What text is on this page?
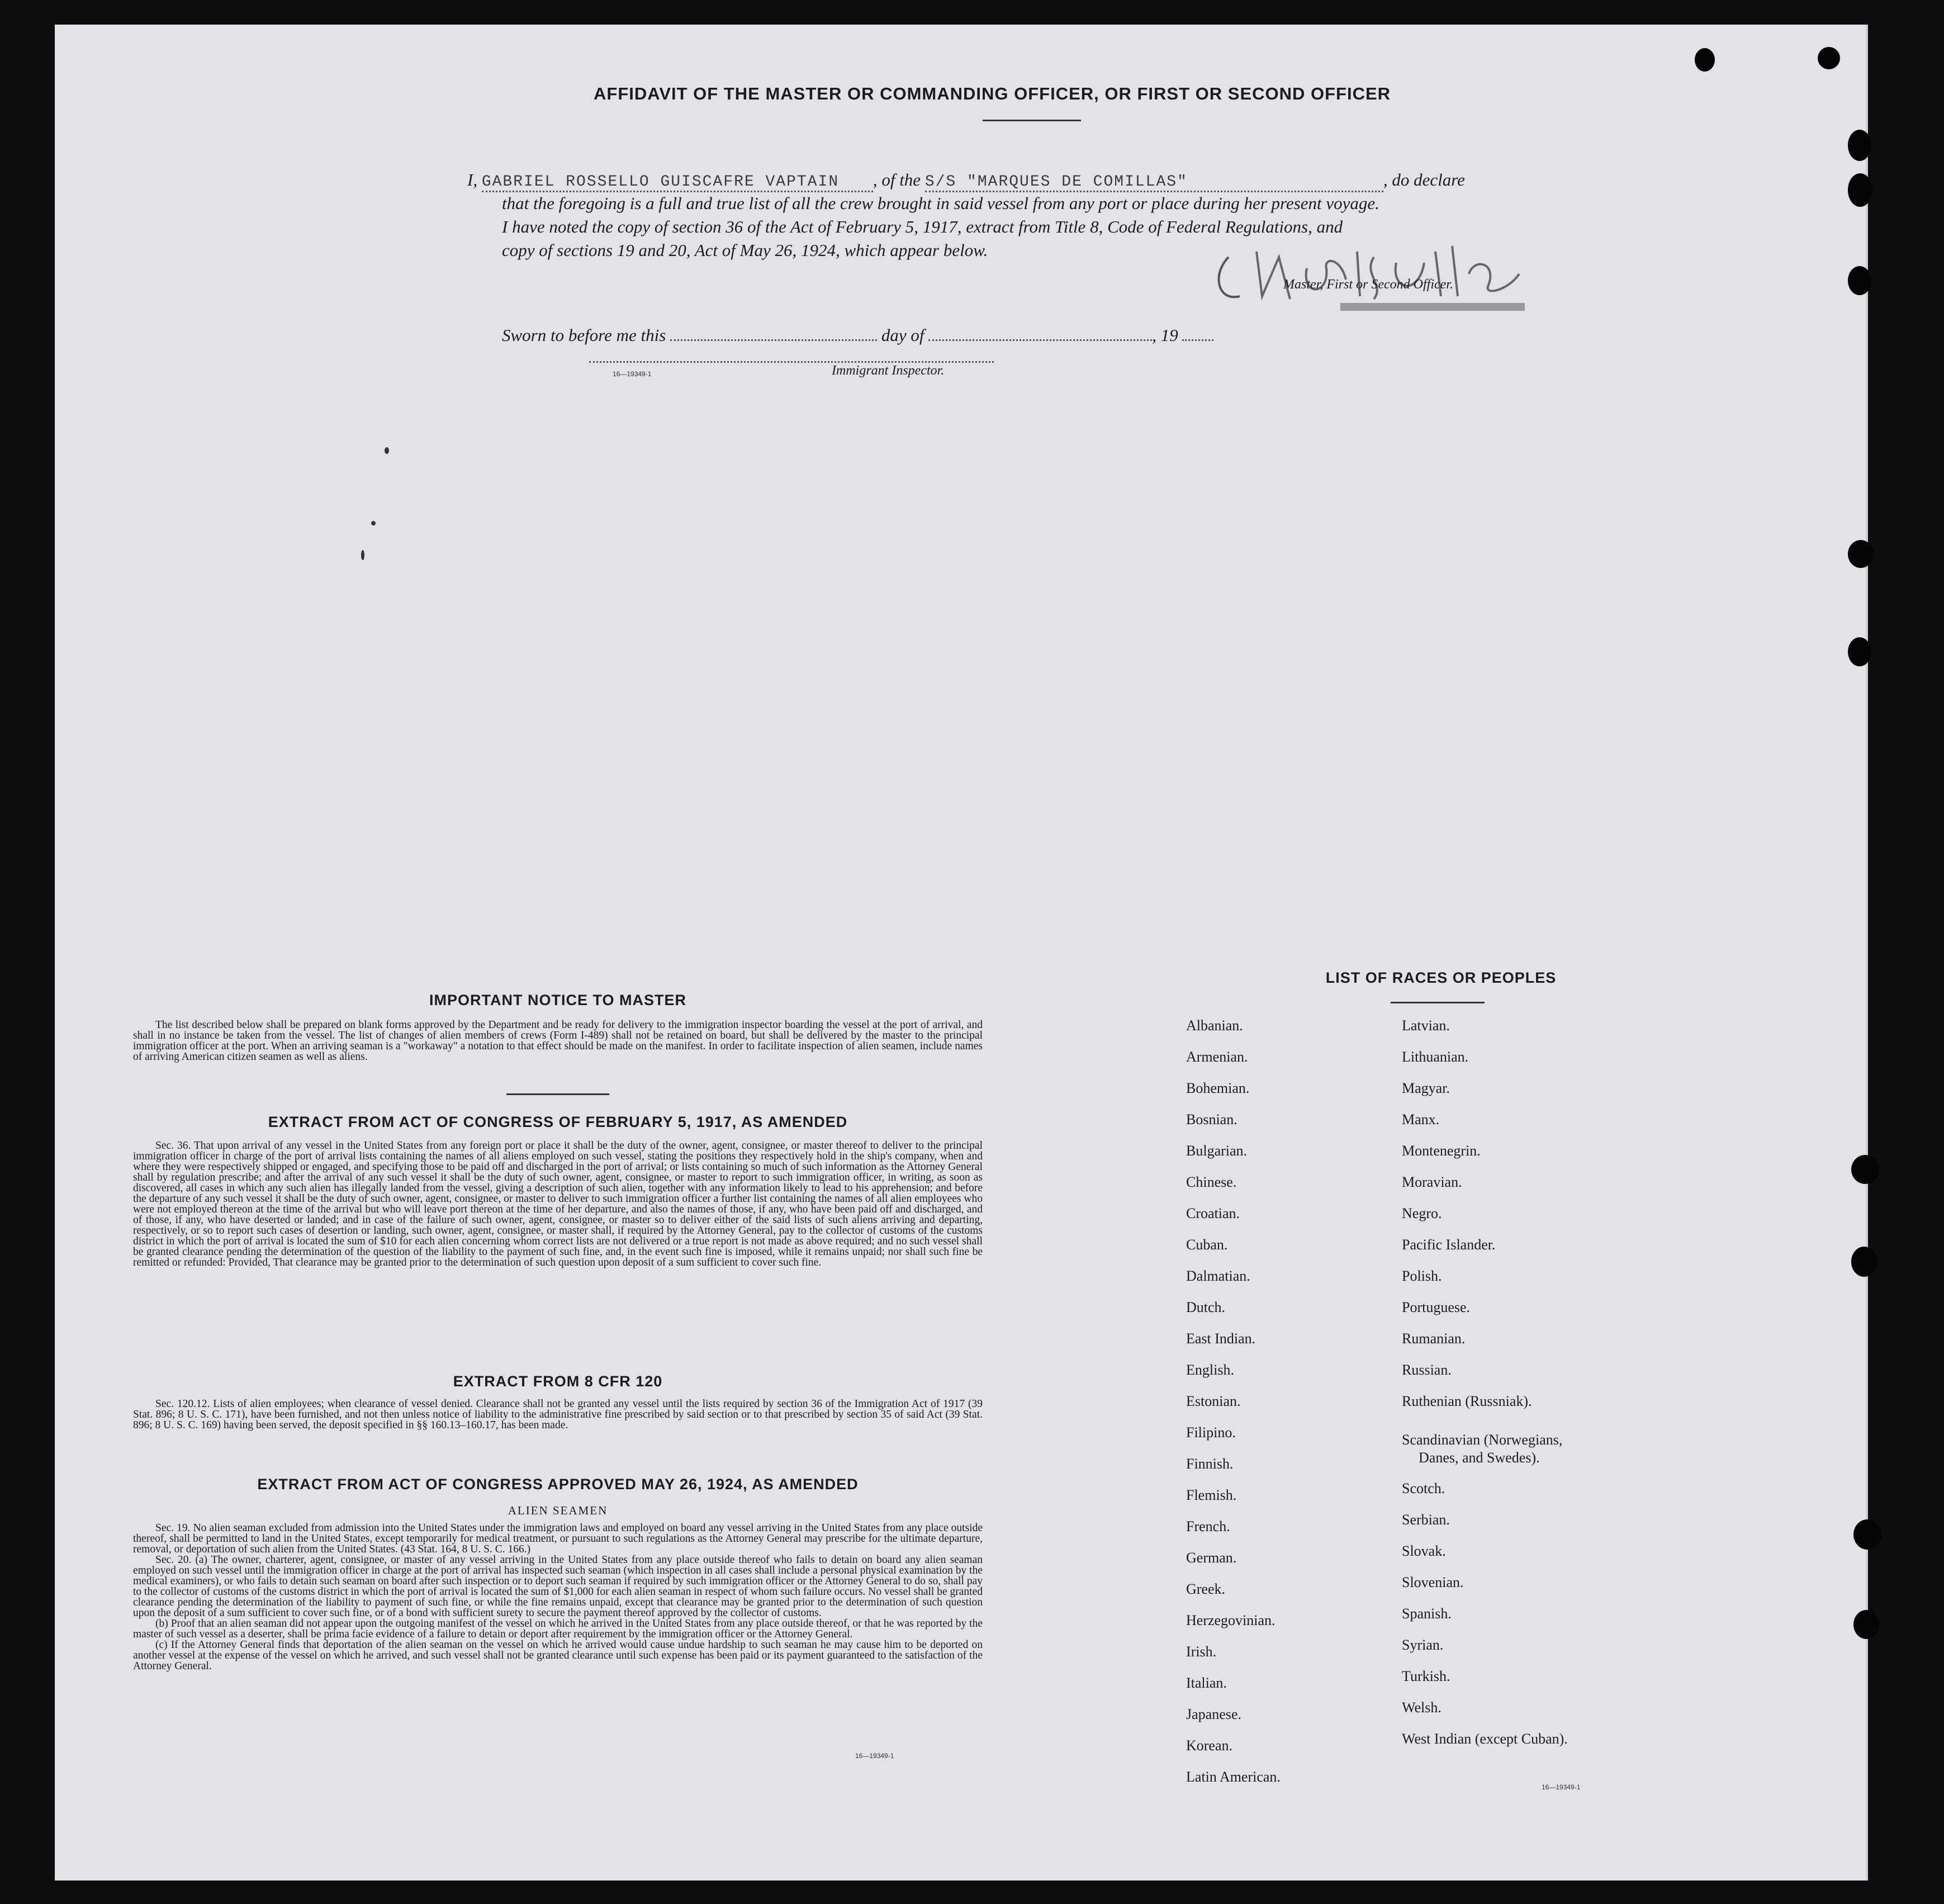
AFFIDAVIT OF THE MASTER OR COMMANDING OFFICER, OR FIRST OR SECOND OFFICER
I, GABRIEL ROSSELLO GUISCAFRE VAPTAIN , of the S/S "MARQUES DE COMILLAS"	, do declare
that the foregoing is a full and true list of all the crew brought in said vessel from any port or place during her present voyage.
I have noted the copy of section 36 of the Act of February 5, 1917, extract from Title 8, Code of Federal Regulations, and
copy of sections 19 and 20, Act of May 26, 1924, which appear below.
Master, First or Second Officer.
Sworn to before me this	day of	, 19
16—19349-1	Immigrant Inspector.
IMPORTANT NOTICE TO MASTER

The list described below shall be prepared on blank forms approved by the Department and be ready for delivery to the immigration inspector boarding the vessel at the port of arrival, and shall in no instance be taken from the vessel. The list of changes of alien members of crews (Form I-489) shall not be retained on board, but shall be delivered by the master to the principal immigration officer at the port. When an arriving seaman is a "workaway" a notation to that effect should be made on the manifest. In order to facilitate inspection of alien seamen, include names of arriving American citizen seamen as well as aliens.

EXTRACT FROM ACT OF CONGRESS OF FEBRUARY 5, 1917, AS AMENDED

Sec. 36. That upon arrival of any vessel in the United States from any foreign port or place it shall be the duty of the owner, agent, consignee, or master thereof to deliver to the principal immigration officer in charge of the port of arrival lists containing the names of all aliens employed on such vessel, stating the positions they respectively hold in the ship's company, when and where they were respectively shipped or engaged, and specifying those to be paid off and discharged in the port of arrival; or lists containing so much of such information as the Attorney General shall by regulation prescribe; and after the arrival of any such vessel it shall be the duty of such owner, agent, consignee, or master to report to such immigration officer, in writing, as soon as discovered, all cases in which any such alien has illegally landed from the vessel, giving a description of such alien, together with any information likely to lead to his apprehension; and before the departure of any such vessel it shall be the duty of such owner, agent, consignee, or master to deliver to such immigration officer a further list containing the names of all alien employees who were not employed thereon at the time of the arrival but who will leave port thereon at the time of her departure, and also the names of those, if any, who have been paid off and discharged, and of those, if any, who have deserted or landed; and in case of the failure of such owner, agent, consignee, or master so to deliver either of the said lists of such aliens arriving and departing, respectively, or so to report such cases of desertion or landing, such owner, agent, consignee, or master shall, if required by the Attorney General, pay to the collector of customs of the customs district in which the port of arrival is located the sum of $10 for each alien concerning whom correct lists are not delivered or a true report is not made as above required; and no such vessel shall be granted clearance pending the determination of the question of the liability to the payment of such fine, and, in the event such fine is imposed, while it remains unpaid; nor shall such fine be remitted or refunded: Provided, That clearance may be granted prior to the determination of such question upon deposit of a sum sufficient to cover such fine.

EXTRACT FROM 8 CFR 120

Sec. 120.12. Lists of alien employees; when clearance of vessel denied. Clearance shall not be granted any vessel until the lists required by section 36 of the Immigration Act of 1917 (39 Stat. 896; 8 U. S. C. 171), have been furnished, and not then unless notice of liability to the administrative fine prescribed by said section or to that prescribed by section 35 of said Act (39 Stat. 896; 8 U. S. C. 169) having been served, the deposit specified in §§ 160.13–160.17, has been made.

EXTRACT FROM ACT OF CONGRESS APPROVED MAY 26, 1924, AS AMENDED
ALIEN SEAMEN

Sec. 19. No alien seaman excluded from admission into the United States under the immigration laws and employed on board any vessel arriving in the United States from any place outside thereof, shall be permitted to land in the United States, except temporarily for medical treatment, or pursuant to such regulations as the Attorney General may prescribe for the ultimate departure, removal, or deportation of such alien from the United States. (43 Stat. 164, 8 U. S. C. 166.)

Sec. 20. (a) The owner, charterer, agent, consignee, or master of any vessel arriving in the United States from any place outside thereof who fails to detain on board any alien seaman employed on such vessel until the immigration officer in charge at the port of arrival has inspected such seaman (which inspection in all cases shall include a personal physical examination by the medical examiners), or who fails to detain such seaman on board after such inspection or to deport such seaman if required by such immigration officer or the Attorney General to do so, shall pay to the collector of customs of the customs district in which the port of arrival is located the sum of $1,000 for each alien seaman in respect of whom such failure occurs. No vessel shall be granted clearance pending the determination of the liability to payment of such fine, or while the fine remains unpaid, except that clearance may be granted prior to the determination of such question upon the deposit of a sum sufficient to cover such fine, or of a bond with sufficient surety to secure the payment thereof approved by the collector of customs.

(b) Proof that an alien seaman did not appear upon the outgoing manifest of the vessel on which he arrived in the United States from any place outside thereof, or that he was reported by the master of such vessel as a deserter, shall be prima facie evidence of a failure to detain or deport after requirement by the immigration officer or the Attorney General.

(c) If the Attorney General finds that deportation of the alien seaman on the vessel on which he arrived would cause undue hardship to such seaman he may cause him to be deported on another vessel at the expense of the vessel on which he arrived, and such vessel shall not be granted clearance until such expense has been paid or its payment guaranteed to the satisfaction of the Attorney General.

16—19349-1
LIST OF RACES OR PEOPLES
Albanian.
Armenian.
Bohemian.
Bosnian.
Bulgarian.
Chinese.
Croatian.
Cuban.
Dalmatian.
Dutch.
East Indian.
English.
Estonian.
Filipino.
Finnish.
Flemish.
French.
German.
Greek.
Herzegovinian.
Irish.
Italian.
Japanese.
Korean.
Latin American.
Latvian.
Lithuanian.
Magyar.
Manx.
Montenegrin.
Moravian.
Negro.
Pacific Islander.
Polish.
Portuguese.
Rumanian.
Russian.
Ruthenian (Russniak).
Scandinavian (Norwegians,
Danes, and Swedes).
Scotch.
Serbian.
Slovak.
Slovenian.
Spanish.
Syrian.
Turkish.
Welsh.
West Indian (except Cuban).
16—19349-1
